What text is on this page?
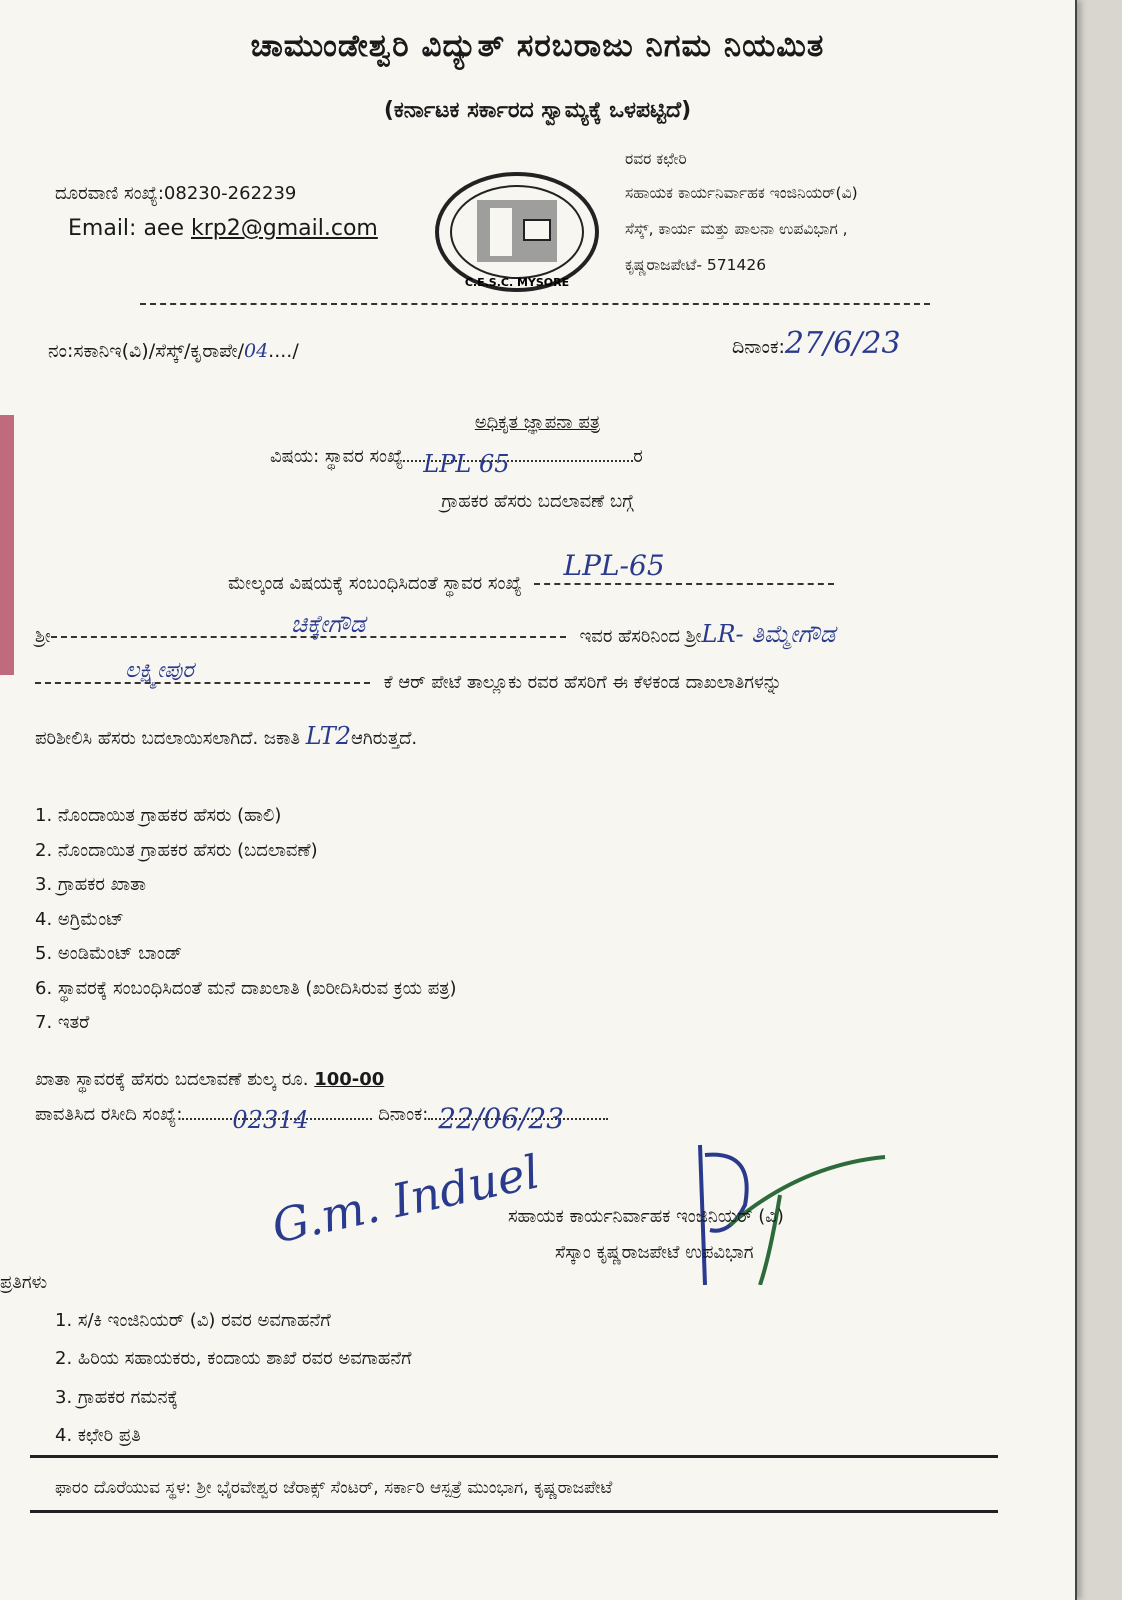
ಚಾಮುಂಡೇಶ್ವರಿ ವಿದ್ಯುತ್ ಸರಬರಾಜು ನಿಗಮ ನಿಯಮಿತ
(ಕರ್ನಾಟಕ ಸರ್ಕಾರದ ಸ್ವಾಮ್ಯಕ್ಕೆ ಒಳಪಟ್ಟಿದೆ)
ದೂರವಾಣಿ ಸಂಖ್ಯೆ:08230-262239
Email: aee krp2@gmail.com
C.E.S.C. MYSORE
ರವರ ಕಛೇರಿ
ಸಹಾಯಕ ಕಾರ್ಯನಿರ್ವಾಹಕ ಇಂಜಿನಿಯರ್(ವಿ)
ಸೆಸ್ಕ್, ಕಾರ್ಯ ಮತ್ತು ಪಾಲನಾ ಉಪವಿಭಾಗ ,
ಕೃಷ್ಣರಾಜಪೇಟೆ- 571426
ನಂ:ಸಕಾನಿಇ(ವಿ)/ಸೆಸ್ಕ್/ಕೃರಾಪೇ/04..../	ದಿನಾಂಕ:27/6/23
ಅಧಿಕೃತ ಜ್ಞಾಪನಾ ಪತ್ರ
ವಿಷಯ: ಸ್ಥಾವರ ಸಂಖ್ಯೆ LPL 65	ರ
ಗ್ರಾಹಕರ ಹೆಸರು ಬದಲಾವಣೆ ಬಗ್ಗೆ
ಮೇಲ್ಕಂಡ ವಿಷಯಕ್ಕೆ ಸಂಬಂಧಿಸಿದಂತೆ ಸ್ಥಾವರ ಸಂಖ್ಯೆ
LPL-65
ಶ್ರೀ	ಚಿಕ್ಕೇಗೌಡ	ಇವರ ಹೆಸರಿನಿಂದ ಶ್ರೀLR- ತಿಮ್ಮೇಗೌಡ
ಲಕ್ಷ್ಮೀಪುರ	ಕೆ ಆರ್ ಪೇಟೆ ತಾಲ್ಲೂಕು ರವರ ಹೆಸರಿಗೆ ಈ ಕೆಳಕಂಡ ದಾಖಲಾತಿಗಳನ್ನು
ಪರಿಶೀಲಿಸಿ ಹೆಸರು ಬದಲಾಯಿಸಲಾಗಿದೆ. ಜಕಾತಿ LT2ಆಗಿರುತ್ತದೆ.
1. ನೊಂದಾಯಿತ ಗ್ರಾಹಕರ ಹೆಸರು (ಹಾಲಿ)
2. ನೊಂದಾಯಿತ ಗ್ರಾಹಕರ ಹೆಸರು (ಬದಲಾವಣೆ)
3. ಗ್ರಾಹಕರ ಖಾತಾ
4. ಅಗ್ರಿಮೆಂಟ್
5. ಅಂಡಿಮೆಂಟ್ ಬಾಂಡ್
6. ಸ್ಥಾವರಕ್ಕೆ ಸಂಬಂಧಿಸಿದಂತೆ ಮನೆ ದಾಖಲಾತಿ (ಖರೀದಿಸಿರುವ ಕ್ರಯ ಪತ್ರ)
7. ಇತರೆ
ಖಾತಾ ಸ್ಥಾವರಕ್ಕೆ ಹೆಸರು ಬದಲಾವಣೆ ಶುಲ್ಕ ರೂ. 100-00
ಪಾವತಿಸಿದ ರಸೀದಿ ಸಂಖ್ಯೆ: 02314	ದಿನಾಂಕ: 22/06/23
G.m. Induel
ಸಹಾಯಕ ಕಾರ್ಯನಿರ್ವಾಹಕ ಇಂಜಿನಿಯರ್ (ವಿ)
ಸೆಸ್ಕಾಂ ಕೃಷ್ಣರಾಜಪೇಟೆ ಉಪವಿಭಾಗ
ಪ್ರತಿಗಳು
1. ಸ/ಕಿ ಇಂಜಿನಿಯರ್ (ವಿ) ರವರ ಅವಗಾಹನೆಗೆ
2. ಹಿರಿಯ ಸಹಾಯಕರು, ಕಂದಾಯ ಶಾಖೆ ರವರ ಅವಗಾಹನೆಗೆ
3. ಗ್ರಾಹಕರ ಗಮನಕ್ಕೆ
4. ಕಛೇರಿ ಪ್ರತಿ
ಫಾರಂ ದೊರೆಯುವ ಸ್ಥಳ: ಶ್ರೀ ಭೈರವೇಶ್ವರ ಜೆರಾಕ್ಸ್ ಸೆಂಟರ್, ಸರ್ಕಾರಿ ಆಸ್ಪತ್ರೆ ಮುಂಭಾಗ, ಕೃಷ್ಣರಾಜಪೇಟೆ
